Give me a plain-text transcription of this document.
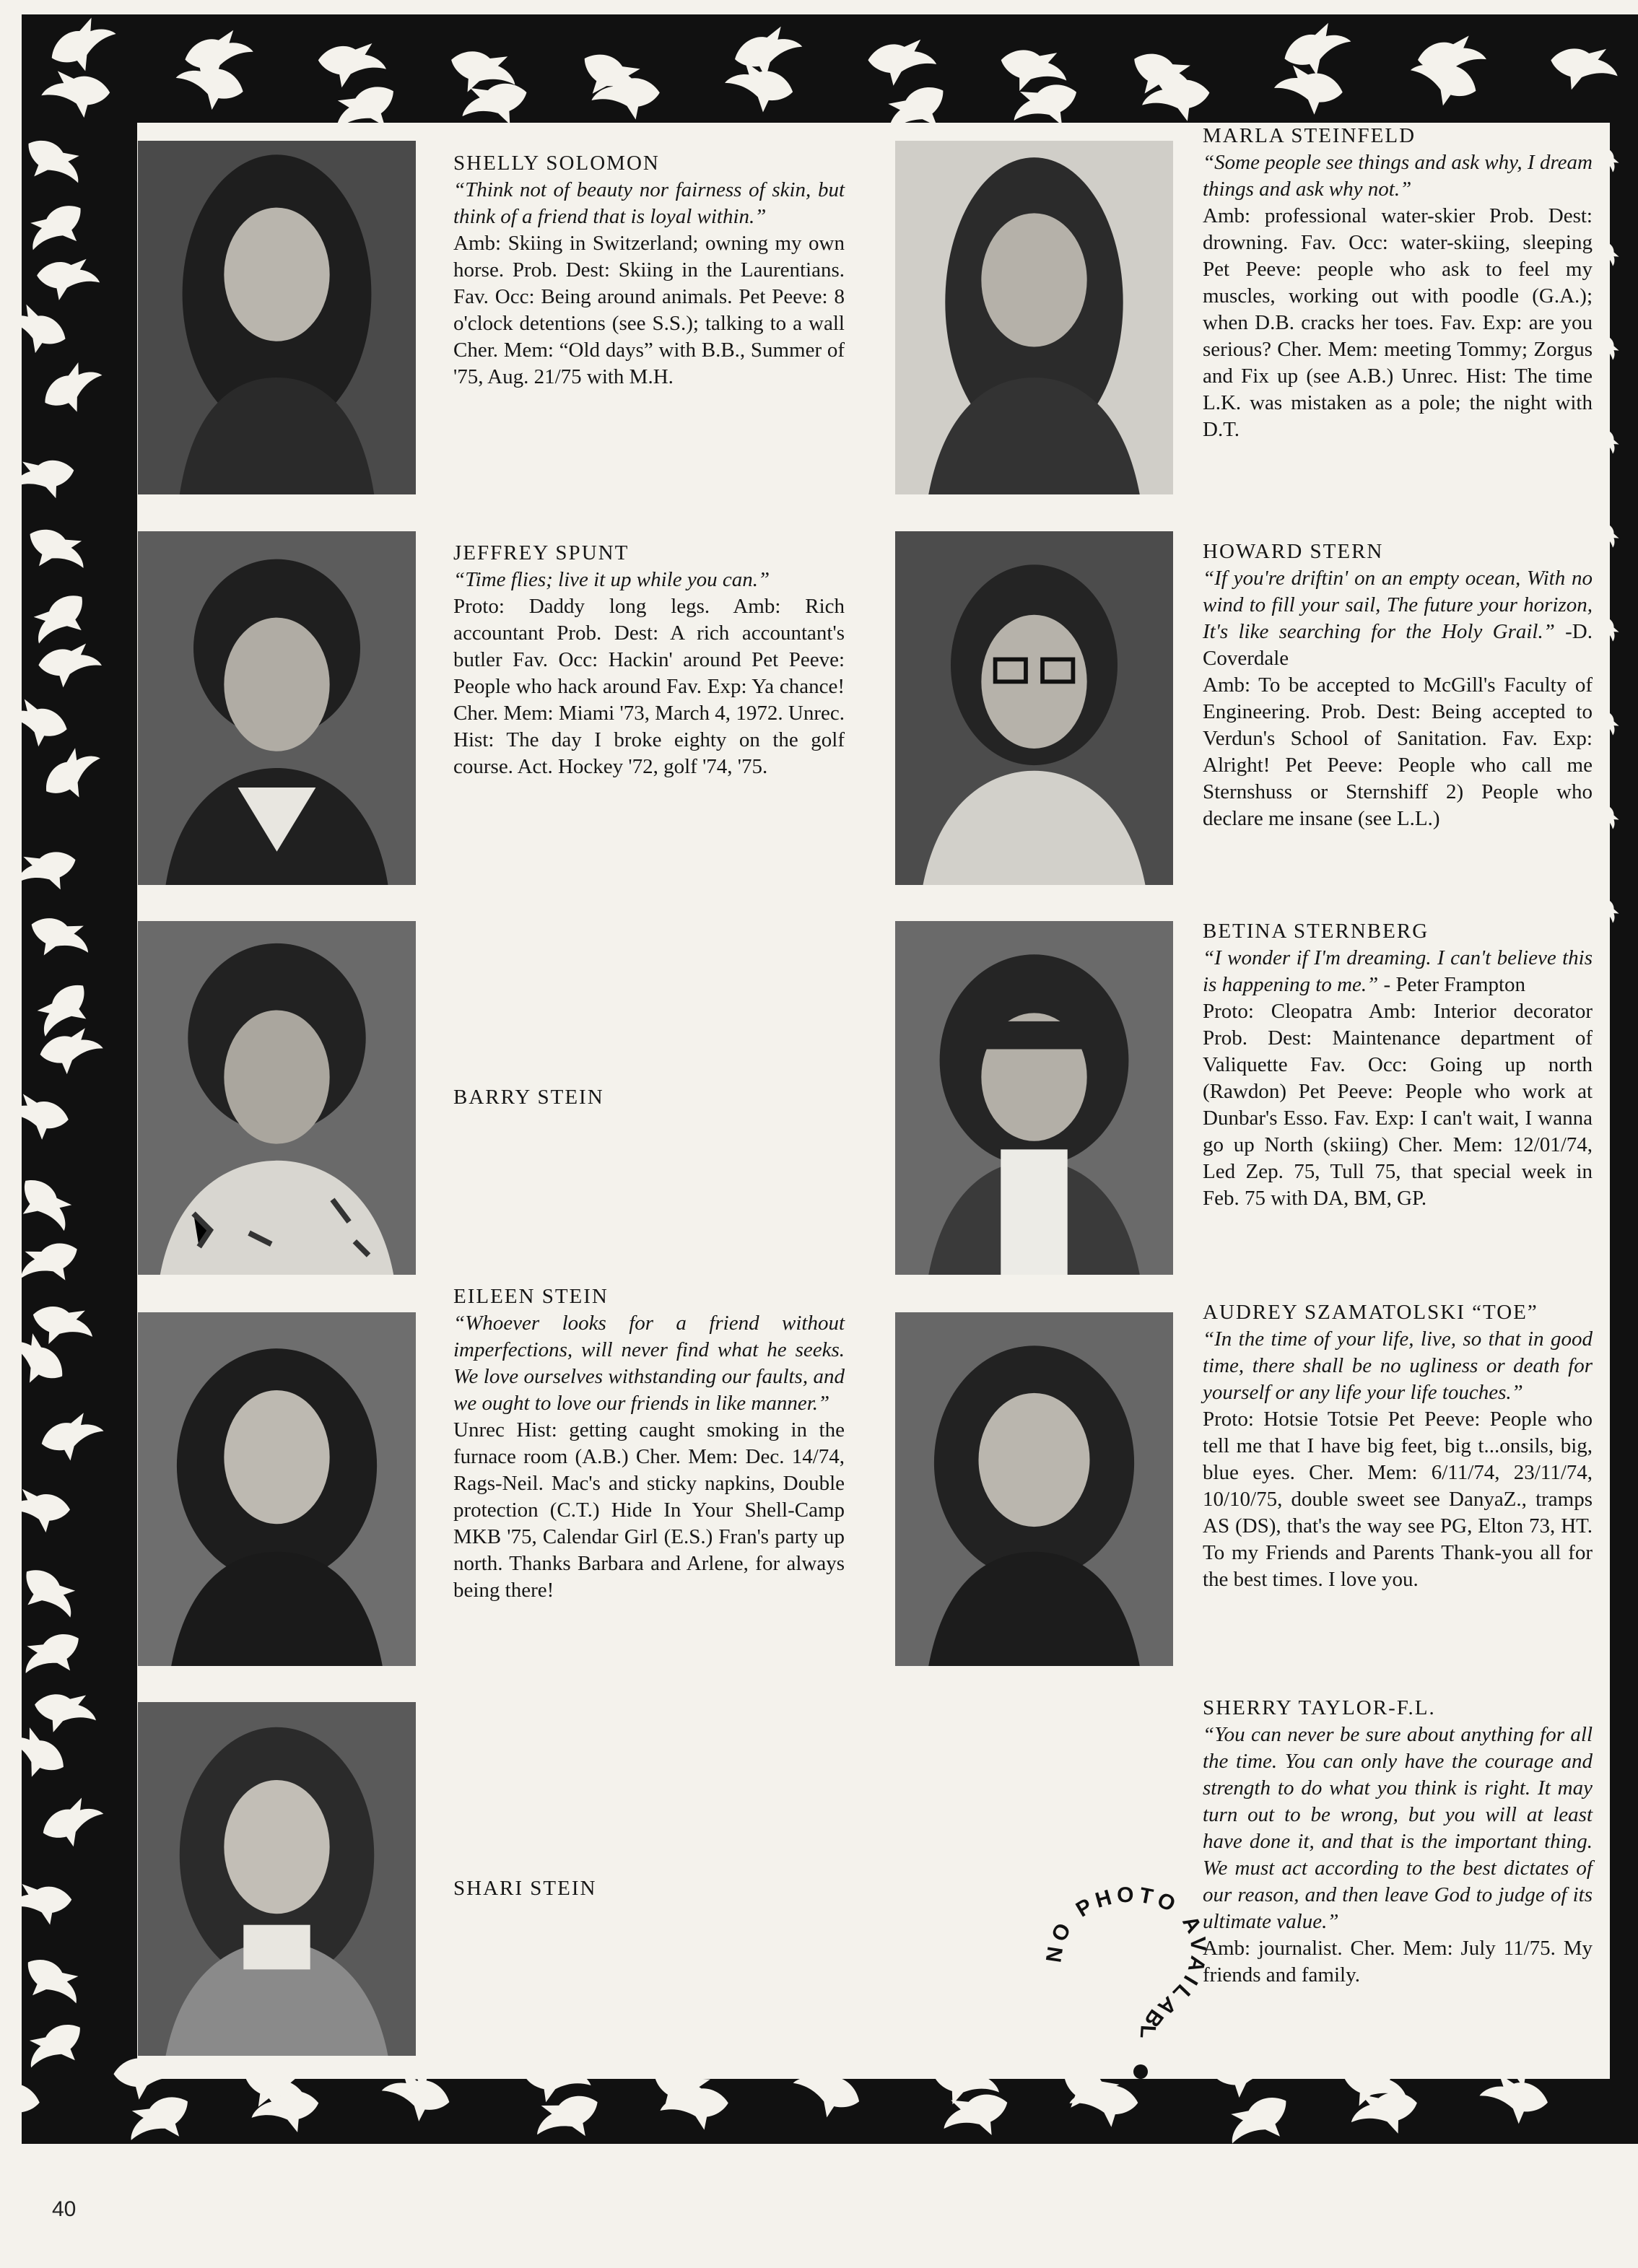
NO PHOTO AVAILABL
SHELLY SOLOMON
“Think not of beauty nor fairness of skin, but think of a friend that is loyal within.”
Amb: Skiing in Switzerland; owning my own horse. Prob. Dest: Skiing in the Laurentians. Fav. Occ: Being around animals. Pet Peeve: 8 o'clock detentions (see S.S.); talking to a wall Cher. Mem: “Old days” with B.B., Summer of '75, Aug. 21/75 with M.H.
JEFFREY SPUNT
“Time flies; live it up while you can.”
Proto: Daddy long legs. Amb: Rich accountant Prob. Dest: A rich accountant's butler Fav. Occ: Hackin' around Pet Peeve: People who hack around Fav. Exp: Ya chance! Cher. Mem: Miami '73, March 4, 1972. Unrec. Hist: The day I broke eighty on the golf course. Act. Hockey '72, golf '74, '75.
BARRY STEIN
EILEEN STEIN
“Whoever looks for a friend without imperfections, will never find what he seeks. We love ourselves withstanding our faults, and we ought to love our friends in like manner.”
Unrec Hist: getting caught smoking in the furnace room (A.B.) Cher. Mem: Dec. 14/74, Rags-Neil. Mac's and sticky napkins, Double protection (C.T.) Hide In Your Shell-Camp MKB '75, Calendar Girl (E.S.) Fran's party up north. Thanks Barbara and Arlene, for always being there!
SHARI STEIN
MARLA STEINFELD
“Some people see things and ask why, I dream things and ask why not.”
Amb: professional water-skier Prob. Dest: drowning. Fav. Occ: water-skiing, sleeping Pet Peeve: people who ask to feel my muscles, working out with poodle (G.A.); when D.B. cracks her toes. Fav. Exp: are you serious? Cher. Mem: meeting Tommy; Zorgus and Fix up (see A.B.) Unrec. Hist: The time L.K. was mistaken as a pole; the night with D.T.
HOWARD STERN
“If you're driftin' on an empty ocean, With no wind to fill your sail, The future your horizon, It's like searching for the Holy Grail.” -D. Coverdale
Amb: To be accepted to McGill's Faculty of Engineering. Prob. Dest: Being accepted to Verdun's School of Sanitation. Fav. Exp: Alright! Pet Peeve: People who call me Sternshuss or Sternshiff 2) People who declare me insane (see L.L.)
BETINA STERNBERG
“I wonder if I'm dreaming. I can't believe this is happening to me.” - Peter Frampton
Proto: Cleopatra Amb: Interior decorator Prob. Dest: Maintenance department of Valiquette Fav. Occ: Going up north (Rawdon) Pet Peeve: People who work at Dunbar's Esso. Fav. Exp: I can't wait, I wanna go up North (skiing) Cher. Mem: 12/01/74, Led Zep. 75, Tull 75, that special week in Feb. 75 with DA, BM, GP.
AUDREY SZAMATOLSKI “TOE”
“In the time of your life, live, so that in good time, there shall be no ugliness or death for yourself or any life your life touches.”
Proto: Hotsie Totsie Pet Peeve: People who tell me that I have big feet, big t...onsils, big, blue eyes. Cher. Mem: 6/11/74, 23/11/74, 10/10/75, double sweet see DanyaZ., tramps AS (DS), that's the way see PG, Elton 73, HT. To my Friends and Parents Thank-you all for the best times. I love you.
SHERRY TAYLOR-F.L.
“You can never be sure about anything for all the time. You can only have the courage and strength to do what you think is right. It may turn out to be wrong, but you will at least have done it, and that is the important thing. We must act according to the best dictates of our reason, and then leave God to judge of its ultimate value.”
Amb: journalist. Cher. Mem: July 11/75. My friends and family.
40
